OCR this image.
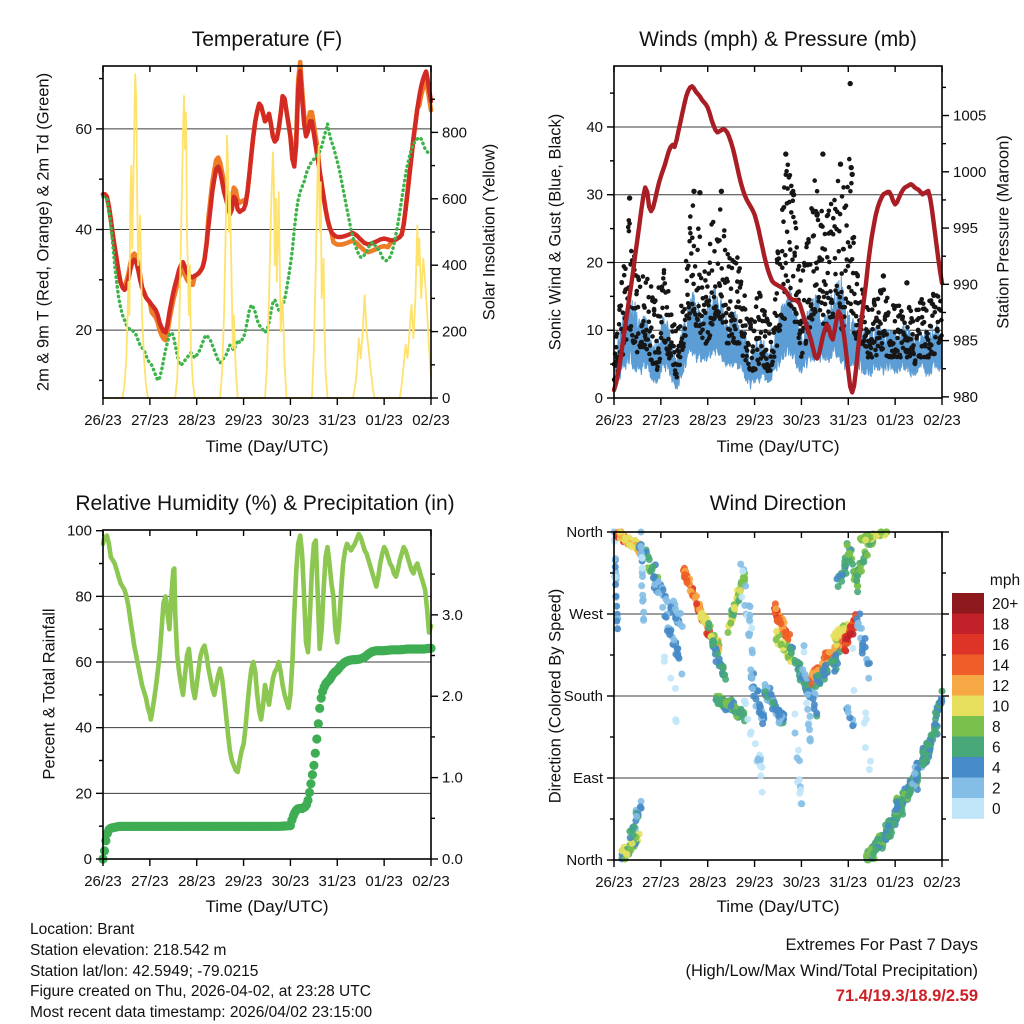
26/23 27/23 28/23 29/23 30/23 31/23 01/23 02/23
20
40
60
0
200
400
600
800
26/23 27/23 28/23 29/23 30/23 31/23 01/23 02/23
0
10
20
30
40
980
985
990
995
1000
1005
26/23 27/23 28/23 29/23 30/23 31/23 01/23 02/23
0
20
40
60
80
100
0.0
1.0
2.0
3.0
26/23 27/23 28/23 29/23 30/23 31/23 01/23 02/23
North
West
South
East
North
20+
18
16
14
12
10
8
6
4
2
0
Temperature (F)	Winds (mph) & Pressure (mb)
Relative Humidity (%) & Precipitation (in)	Wind Direction
Time (Day/UTC)	Time (Day/UTC)
Time (Day/UTC)	Time (Day/UTC)
2m & 9m T (Red, Orange) & 2m Td (Green)	Solar Insolation (Yellow)	Sonic Wind & Gust (Blue, Black)	Station Pressure (Maroon)
Percent & Total Rainfall	Direction (Colored By Speed)
mph
Location: Brant
Station elevation: 218.542 m
Station lat/lon: 42.5949; -79.0215
Figure created on Thu, 2026-04-02, at 23:28 UTC
Most recent data timestamp: 2026/04/02 23:15:00
Extremes For Past 7 Days
(High/Low/Max Wind/Total Precipitation)
71.4/19.3/18.9/2.59
